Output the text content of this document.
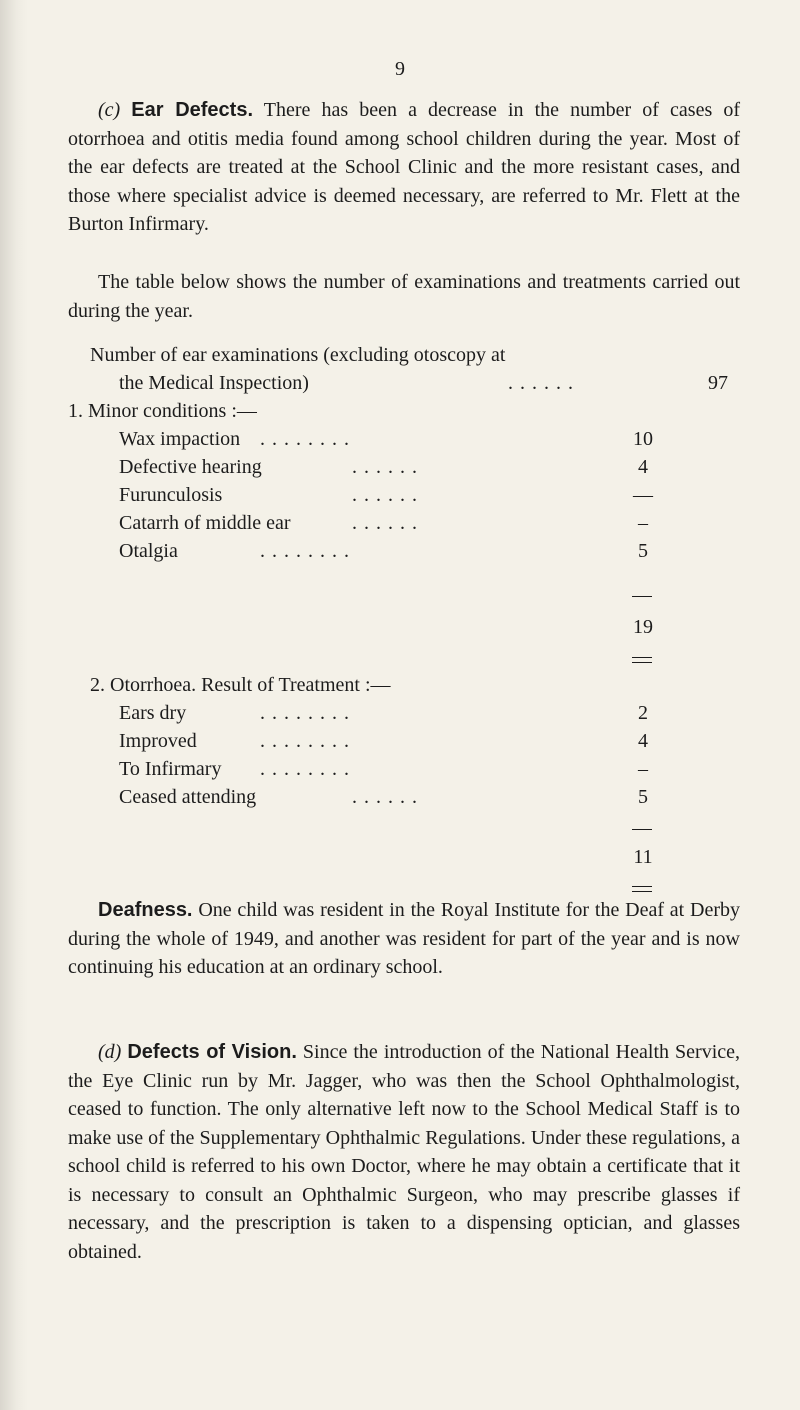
9

(c) Ear Defects. There has been a decrease in the number of cases of otorrhoea and otitis media found among school children during the year. Most of the ear defects are treated at the School Clinic and the more resistant cases, and those where specialist advice is deemed necessary, are referred to Mr. Flett at the Burton Infirmary.

The table below shows the number of examinations and treatments carried out during the year.

Number of ear examinations (excluding otoscopy at
the Medical Inspection)	. . . . . .	97
1. Minor conditions :—
Wax impaction . . . . . . . .	10
Defective hearing	. . . . . .	4
Furunculosis	. . . . . .	—
Catarrh of middle ear	. . . . . .	–
Otalgia	. . . . . . . .	5
19
2. Otorrhoea. Result of Treatment :—
Ears dry	. . . . . . . .	2
Improved	. . . . . . . .	4
To Infirmary . . . . . . . .	–
Ceased attending	. . . . . .	5
11

Deafness. One child was resident in the Royal Institute for the Deaf at Derby during the whole of 1949, and another was resident for part of the year and is now continuing his education at an ordinary school.

(d) Defects of Vision. Since the introduction of the National Health Service, the Eye Clinic run by Mr. Jagger, who was then the School Ophthalmologist, ceased to function. The only alternative left now to the School Medical Staff is to make use of the Supplementary Ophthalmic Regulations. Under these regulations, a school child is referred to his own Doctor, where he may obtain a certificate that it is necessary to consult an Ophthalmic Surgeon, who may prescribe glasses if necessary, and the prescription is taken to a dispensing optician, and glasses obtained.
